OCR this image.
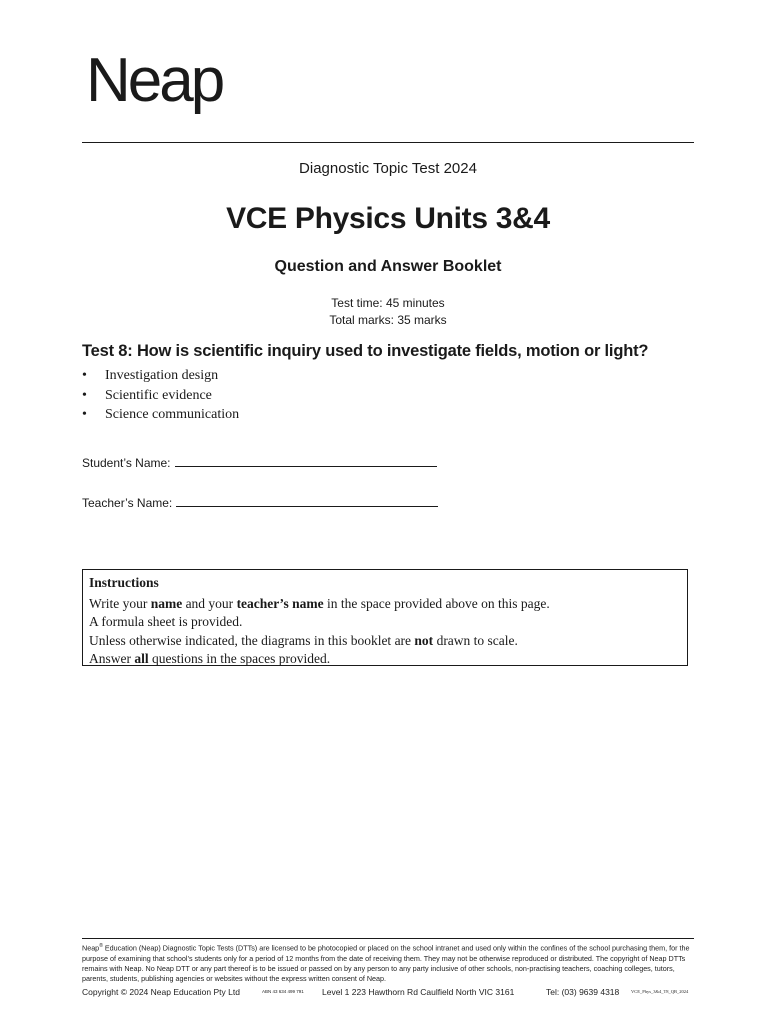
Neap
Diagnostic Topic Test 2024
VCE Physics Units 3&4
Question and Answer Booklet
Test time: 45 minutes
Total marks: 35 marks
Test 8: How is scientific inquiry used to investigate fields, motion or light?
• Investigation design
• Scientific evidence
• Science communication
Student’s Name:
Teacher’s Name:
Instructions
Write your name and your teacher’s name in the space provided above on this page.
A formula sheet is provided.
Unless otherwise indicated, the diagrams in this booklet are not drawn to scale.
Answer all questions in the spaces provided.
Neap® Education (Neap) Diagnostic Topic Tests (DTTs) are licensed to be photocopied or placed on the school intranet and used only within the confines of the school purchasing them, for the purpose of examining that school’s students only for a period of 12 months from the date of receiving them. They may not be otherwise reproduced or distributed. The copyright of Neap DTTs remains with Neap. No Neap DTT or any part thereof is to be issued or passed on by any person to any party inclusive of other schools, non-practising teachers, coaching colleges, tutors, parents, students, publishing agencies or websites without the express written consent of Neap.
Copyright © 2024 Neap Education Pty Ltd	ABN 43 634 499 791 Level 1 223 Hawthorn Rd Caulfield North VIC 3161	Tel: (03) 9639 4318	VCE_Phys_3&4_T8_QB_2024
